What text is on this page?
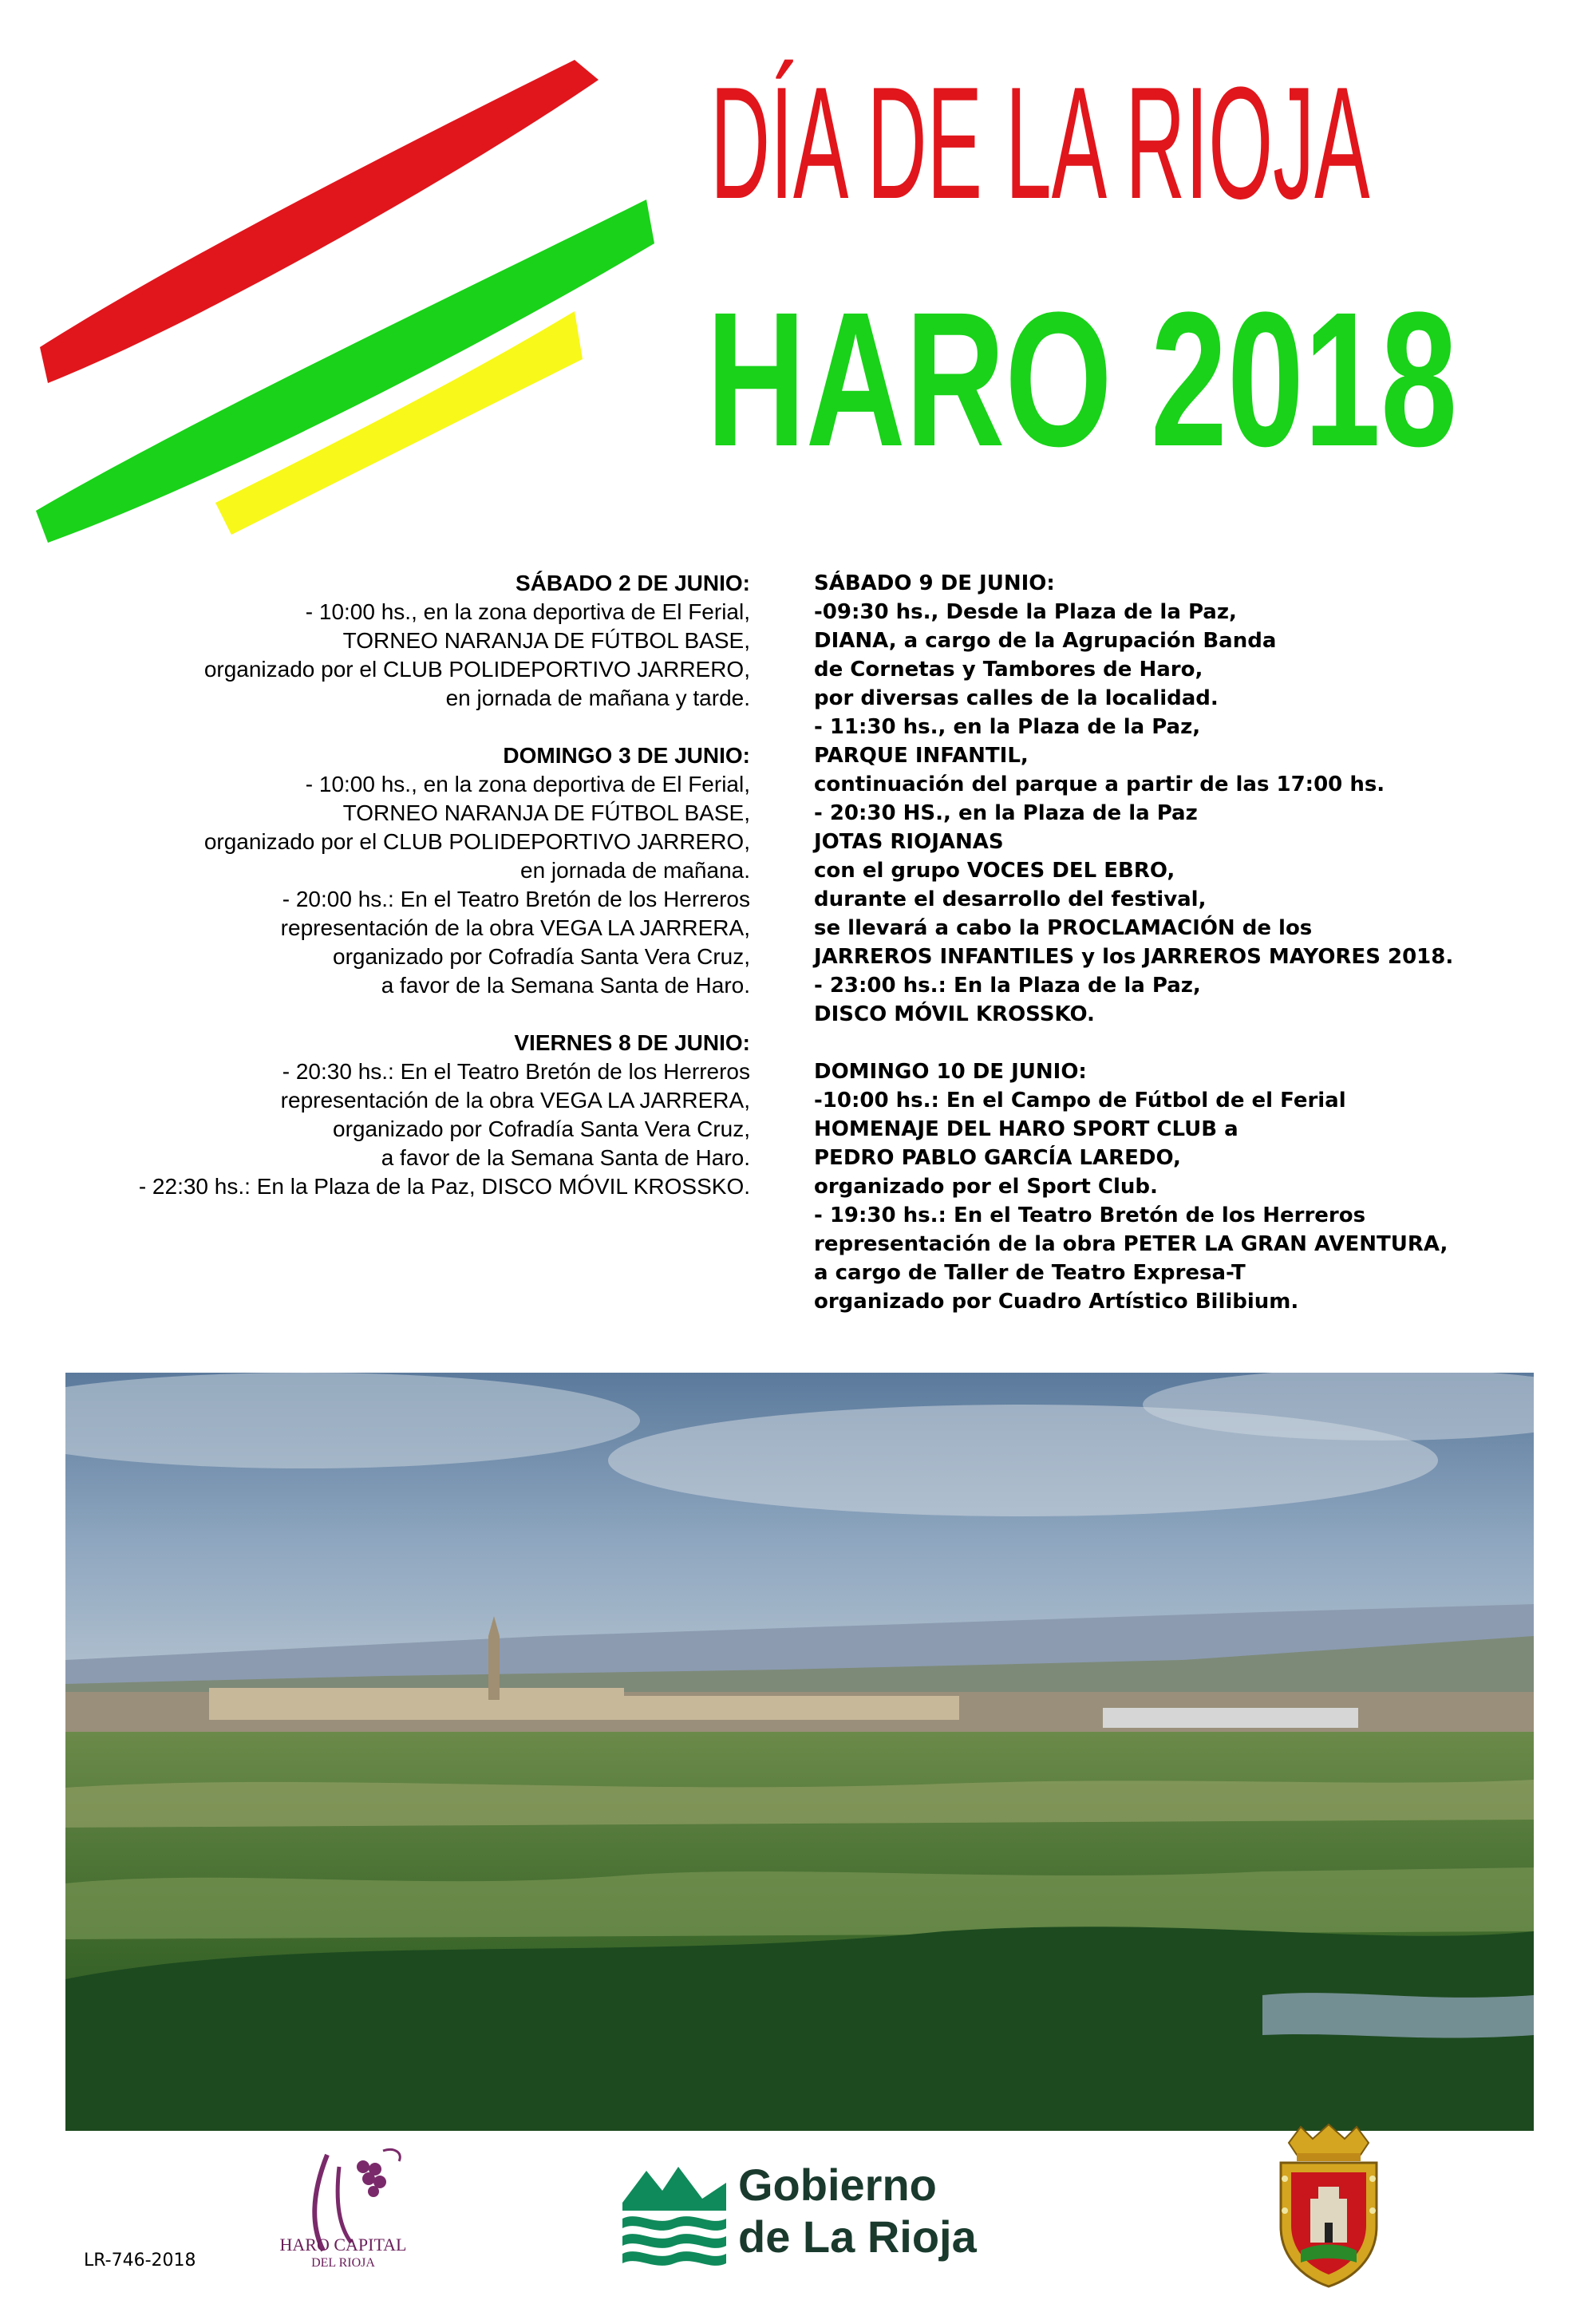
DÍA DE LA RIOJA
HARO 2018
SÁBADO 2 DE JUNIO:
- 10:00 hs., en la zona deportiva de El Ferial,
TORNEO NARANJA DE FÚTBOL BASE,
organizado por el CLUB POLIDEPORTIVO JARRERO,
en jornada de mañana y tarde.
DOMINGO 3 DE JUNIO:
- 10:00 hs., en la zona deportiva de El Ferial,
TORNEO NARANJA DE FÚTBOL BASE,
organizado por el CLUB POLIDEPORTIVO JARRERO,
en jornada de mañana.
- 20:00 hs.: En el Teatro Bretón de los Herreros
representación de la obra VEGA LA JARRERA,
organizado por Cofradía Santa Vera Cruz,
a favor de la Semana Santa de Haro.
VIERNES 8 DE JUNIO:
- 20:30 hs.: En el Teatro Bretón de los Herreros
representación de la obra VEGA LA JARRERA,
organizado por Cofradía Santa Vera Cruz,
a favor de la Semana Santa de Haro.
- 22:30 hs.: En la Plaza de la Paz, DISCO MÓVIL KROSSKO.
SÁBADO 9 DE JUNIO:
-09:30 hs., Desde la Plaza de la Paz,
DIANA, a cargo de la Agrupación Banda
de Cornetas y Tambores de Haro,
por diversas calles de la localidad.
- 11:30 hs., en la Plaza de la Paz,
PARQUE INFANTIL,
continuación del parque a partir de las 17:00 hs.
- 20:30 HS., en la Plaza de la Paz
JOTAS RIOJANAS
con el grupo VOCES DEL EBRO,
durante el desarrollo del festival,
se llevará a cabo la PROCLAMACIÓN de los
JARREROS INFANTILES y los JARREROS MAYORES 2018.
- 23:00 hs.: En la Plaza de la Paz,
DISCO MÓVIL KROSSKO.
DOMINGO 10 DE JUNIO:
-10:00 hs.: En el Campo de Fútbol de el Ferial
HOMENAJE DEL HARO SPORT CLUB a
PEDRO PABLO GARCÍA LAREDO,
organizado por el Sport Club.
- 19:30 hs.: En el Teatro Bretón de los Herreros
representación de la obra PETER LA GRAN AVENTURA,
a cargo de Taller de Teatro Expresa-T
organizado por Cuadro Artístico Bilibium.
HARO CAPITAL
DEL RIOJA
Gobierno
de La Rioja
LR-746-2018
